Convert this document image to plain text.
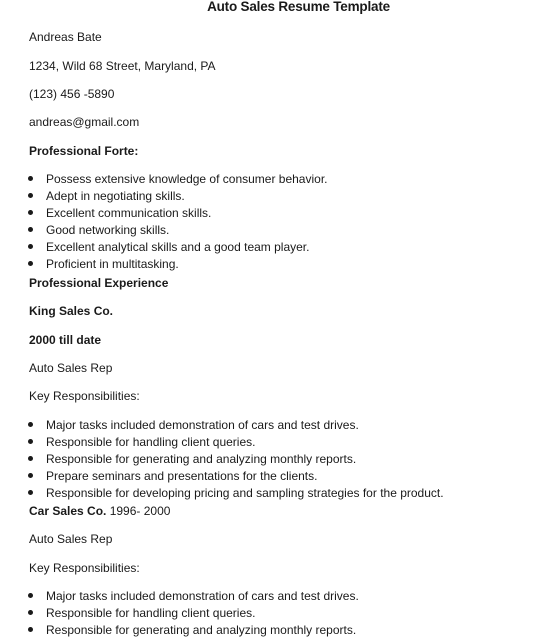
Auto Sales Resume Template
Andreas Bate
1234, Wild 68 Street, Maryland, PA
(123) 456 -5890
andreas@gmail.com
Professional Forte:
Possess extensive knowledge of consumer behavior.
Adept in negotiating skills.
Excellent communication skills.
Good networking skills.
Excellent analytical skills and a good team player.
Proficient in multitasking.
Professional Experience
King Sales Co.
2000 till date
Auto Sales Rep
Key Responsibilities:
Major tasks included demonstration of cars and test drives.
Responsible for handling client queries.
Responsible for generating and analyzing monthly reports.
Prepare seminars and presentations for the clients.
Responsible for developing pricing and sampling strategies for the product.
Car Sales Co. 1996- 2000
Auto Sales Rep
Key Responsibilities:
Major tasks included demonstration of cars and test drives.
Responsible for handling client queries.
Responsible for generating and analyzing monthly reports.
